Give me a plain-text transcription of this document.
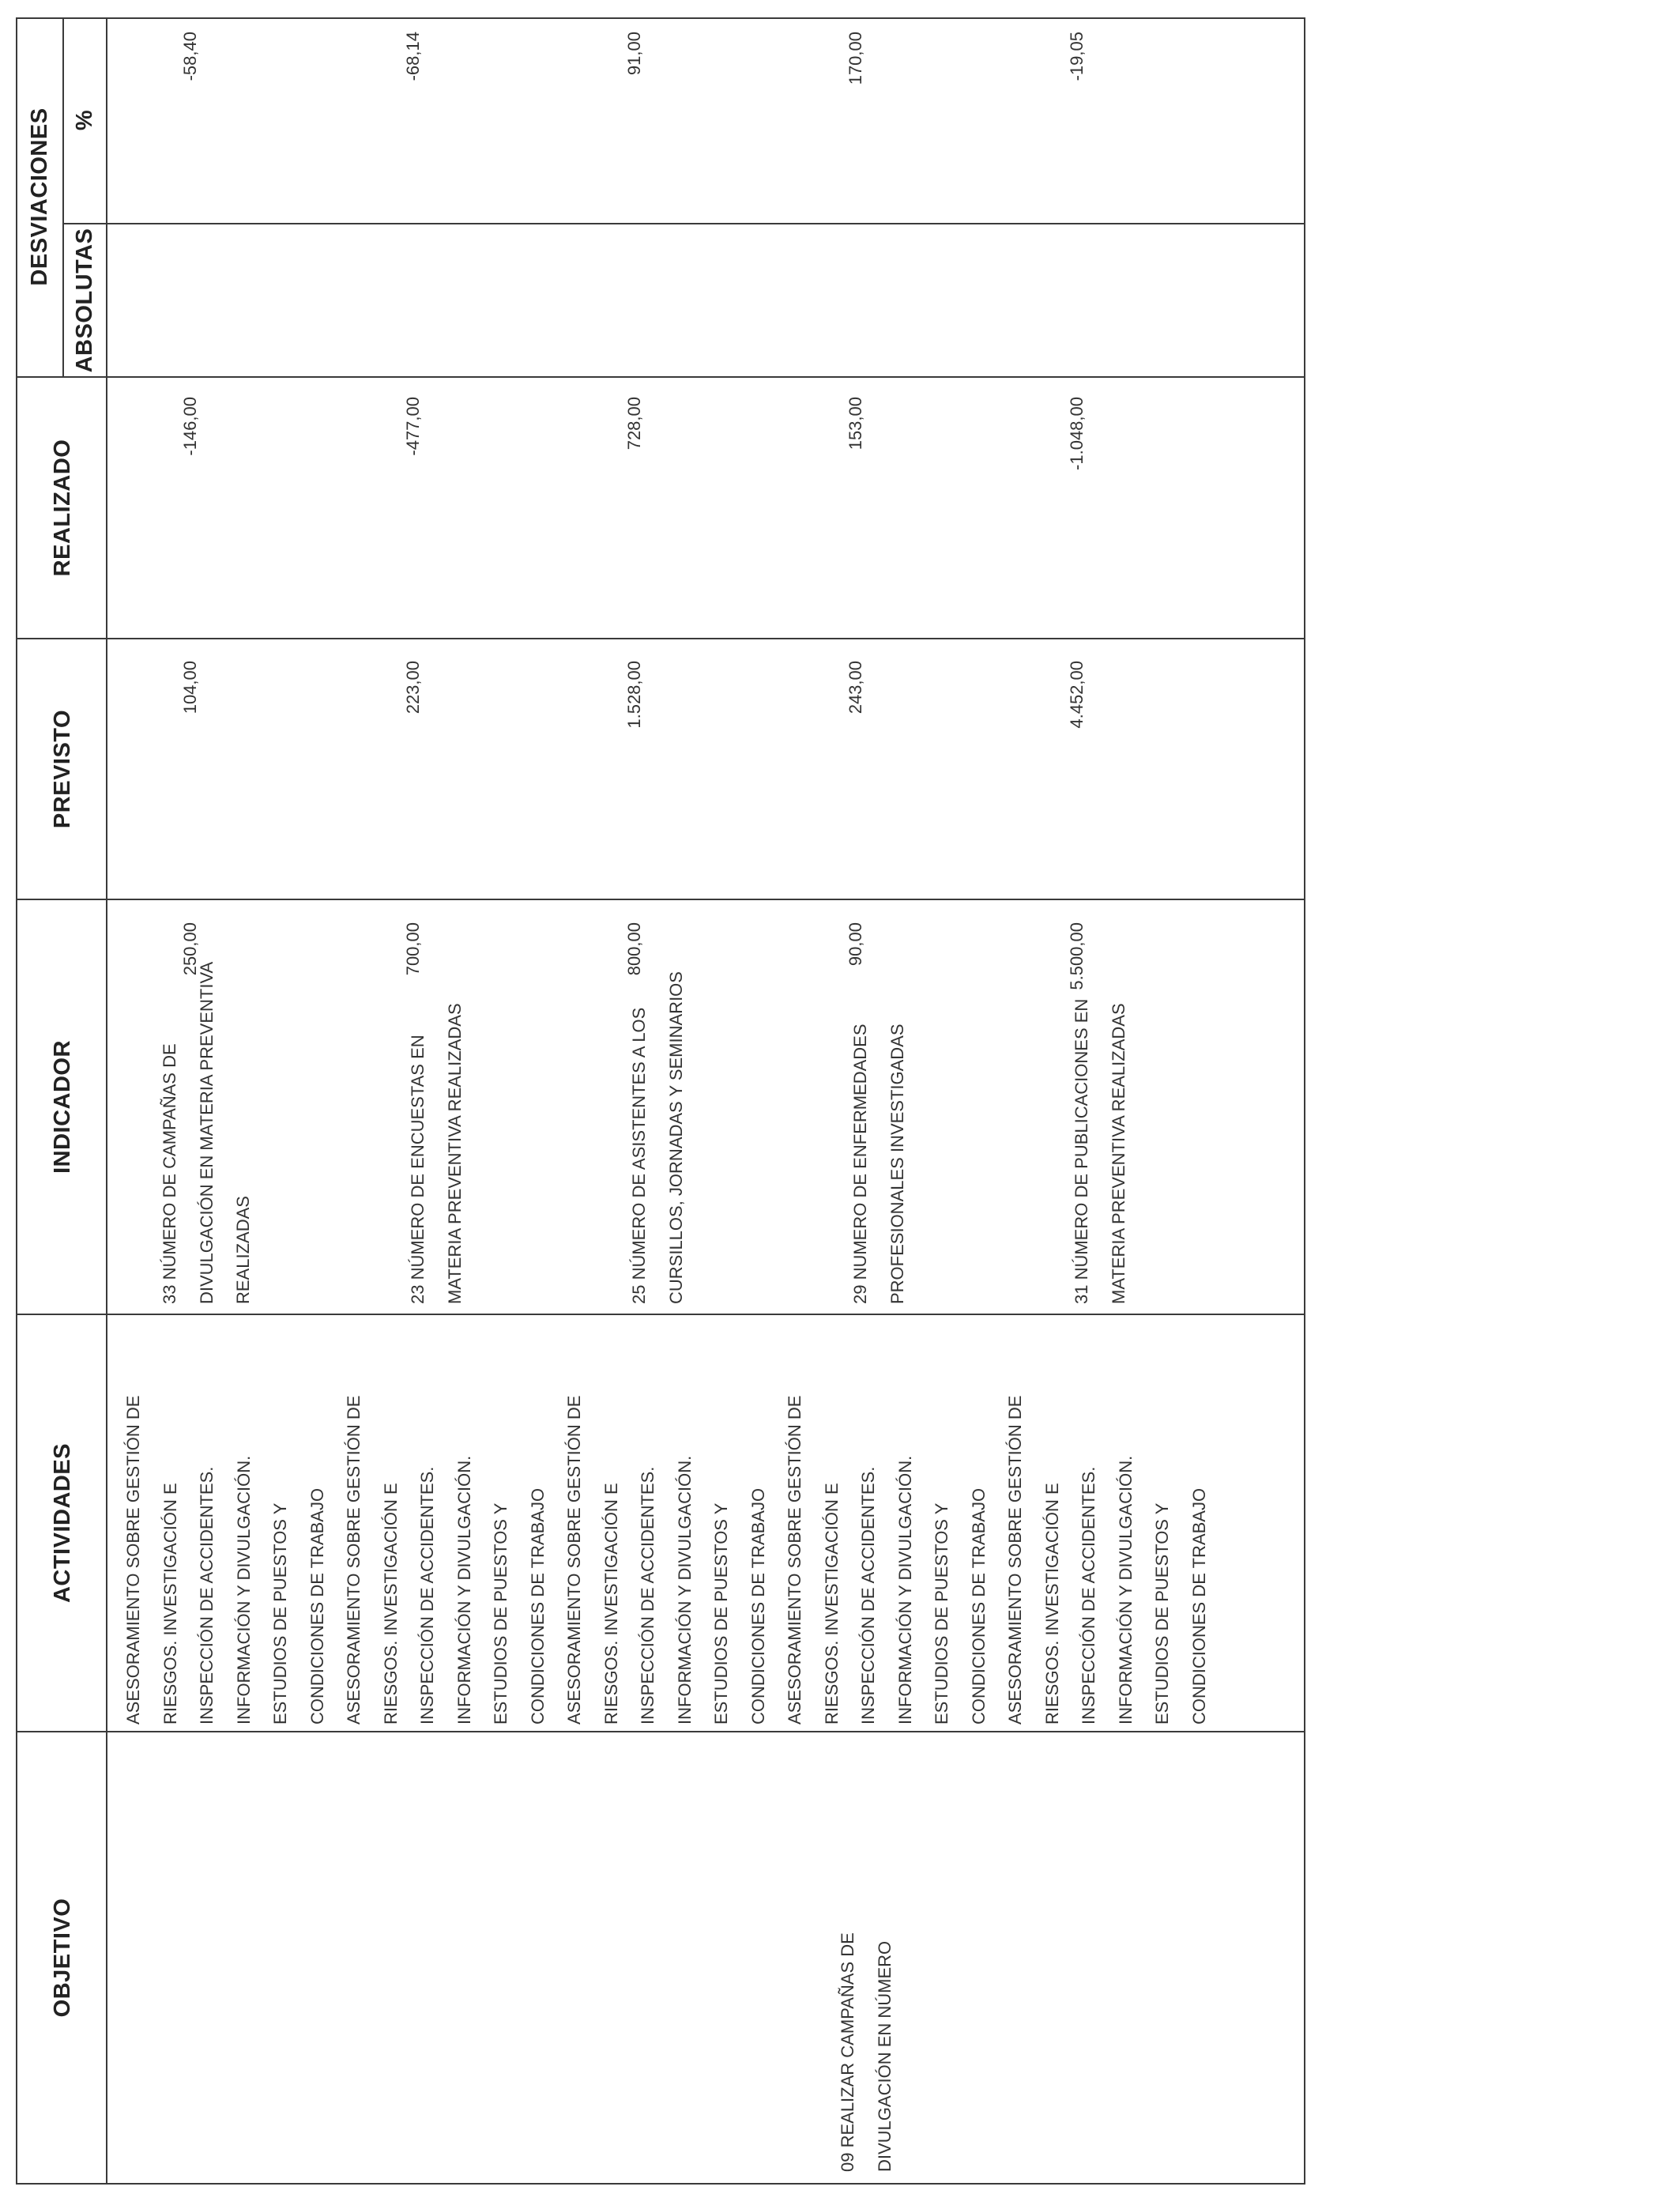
OBJETIVO
ACTIVIDADES
INDICADOR
PREVISTO
REALIZADO
DESVIACIONES
ABSOLUTAS
%
09 REALIZAR CAMPAÑAS DE DIVULGACIÓN EN NÚMERO
ASESORAMIENTO SOBRE GESTIÓN DE RIESGOS. INVESTIGACIÓN E INSPECCIÓN DE ACCIDENTES. INFORMACIÓN Y DIVULGACIÓN. ESTUDIOS DE PUESTOS Y CONDICIONES DE TRABAJO ASESORAMIENTO SOBRE GESTIÓN DE RIESGOS. INVESTIGACIÓN E INSPECCIÓN DE ACCIDENTES. INFORMACIÓN Y DIVULGACIÓN. ESTUDIOS DE PUESTOS Y CONDICIONES DE TRABAJO ASESORAMIENTO SOBRE GESTIÓN DE RIESGOS. INVESTIGACIÓN E INSPECCIÓN DE ACCIDENTES. INFORMACIÓN Y DIVULGACIÓN. ESTUDIOS DE PUESTOS Y CONDICIONES DE TRABAJO ASESORAMIENTO SOBRE GESTIÓN DE RIESGOS. INVESTIGACIÓN E INSPECCIÓN DE ACCIDENTES. INFORMACIÓN Y DIVULGACIÓN. ESTUDIOS DE PUESTOS Y CONDICIONES DE TRABAJO ASESORAMIENTO SOBRE GESTIÓN DE RIESGOS. INVESTIGACIÓN E INSPECCIÓN DE ACCIDENTES. INFORMACIÓN Y DIVULGACIÓN. ESTUDIOS DE PUESTOS Y CONDICIONES DE TRABAJO
33 NÚMERO DE CAMPAÑAS DE DIVULGACIÓN EN MATERIA PREVENTIVA REALIZADAS
250,00
104,00
-146,00
-58,40
23 NÚMERO DE ENCUESTAS EN MATERIA PREVENTIVA REALIZADAS
700,00
223,00
-477,00
-68,14
25 NÚMERO DE ASISTENTES A LOS CURSILLOS, JORNADAS Y SEMINARIOS
800,00
1.528,00
728,00
91,00
29 NUMERO DE ENFERMEDADES PROFESIONALES INVESTIGADAS
90,00
243,00
153,00
170,00
31 NÚMERO DE PUBLICACIONES EN MATERIA PREVENTIVA REALIZADAS
5.500,00
4.452,00
-1.048,00
-19,05
